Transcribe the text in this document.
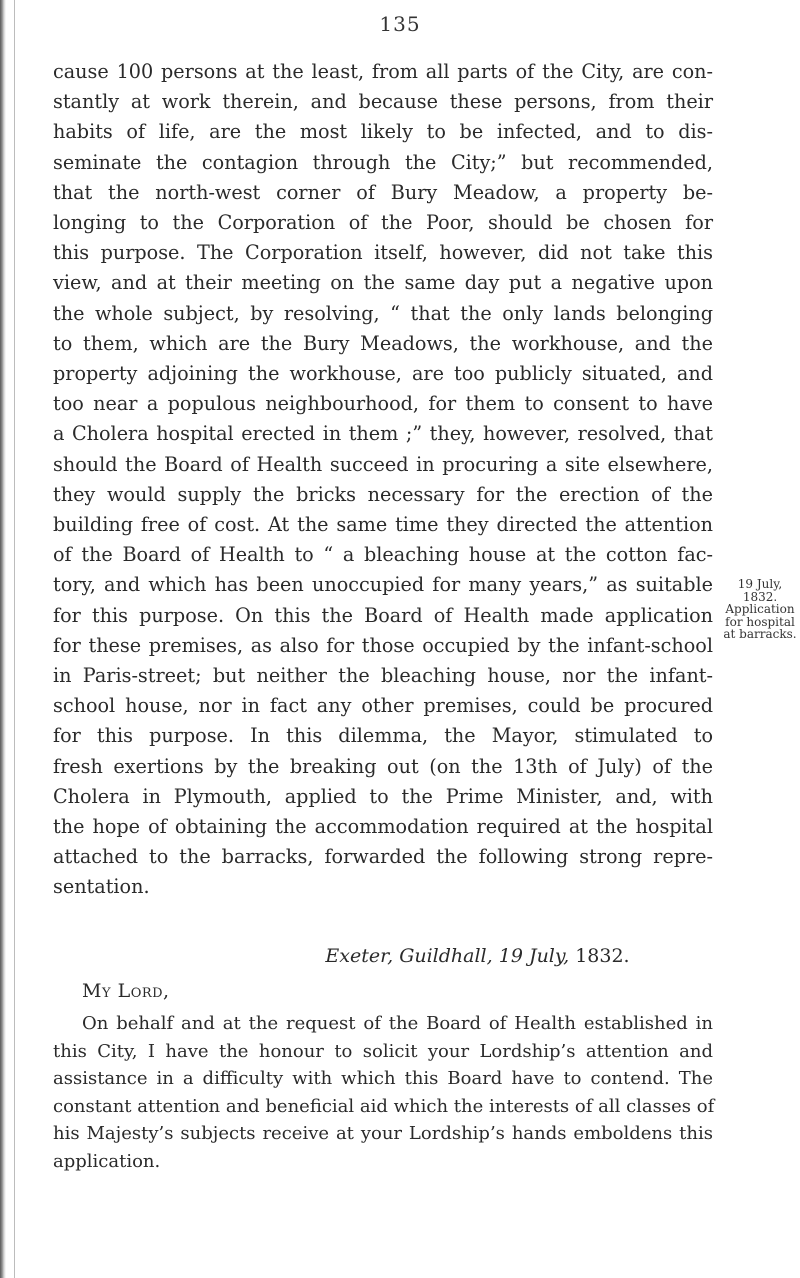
135
cause 100 persons at the least, from all parts of the City, are con-
stantly at work therein, and because these persons, from their
habits of life, are the most likely to be infected, and to dis-
seminate the contagion through the City;” but recommended,
that the north-west corner of Bury Meadow, a property be-
longing to the Corporation of the Poor, should be chosen for
this purpose. The Corporation itself, however, did not take this
view, and at their meeting on the same day put a negative upon
the whole subject, by resolving, “ that the only lands belonging
to them, which are the Bury Meadows, the workhouse, and the
property adjoining the workhouse, are too publicly situated, and
too near a populous neighbourhood, for them to consent to have
a Cholera hospital erected in them ;” they, however, resolved, that
should the Board of Health succeed in procuring a site elsewhere,
they would supply the bricks necessary for the erection of the
building free of cost. At the same time they directed the attention
of the Board of Health to “ a bleaching house at the cotton fac-
tory, and which has been unoccupied for many years,” as suitable
for this purpose. On this the Board of Health made application
for these premises, as also for those occupied by the infant-school
in Paris-street; but neither the bleaching house, nor the infant-
school house, nor in fact any other premises, could be procured
for this purpose. In this dilemma, the Mayor, stimulated to
fresh exertions by the breaking out (on the 13th of July) of the
Cholera in Plymouth, applied to the Prime Minister, and, with
the hope of obtaining the accommodation required at the hospital
attached to the barracks, forwarded the following strong repre-
sentation.
19 July,
1832.
Application
for hospital
at barracks.
Exeter, Guildhall, 19 July, 1832.
My Lord,
On behalf and at the request of the Board of Health established in
this City, I have the honour to solicit your Lordship’s attention and
assistance in a difficulty with which this Board have to contend. The
constant attention and beneficial aid which the interests of all classes of
his Majesty’s subjects receive at your Lordship’s hands emboldens this
application.
